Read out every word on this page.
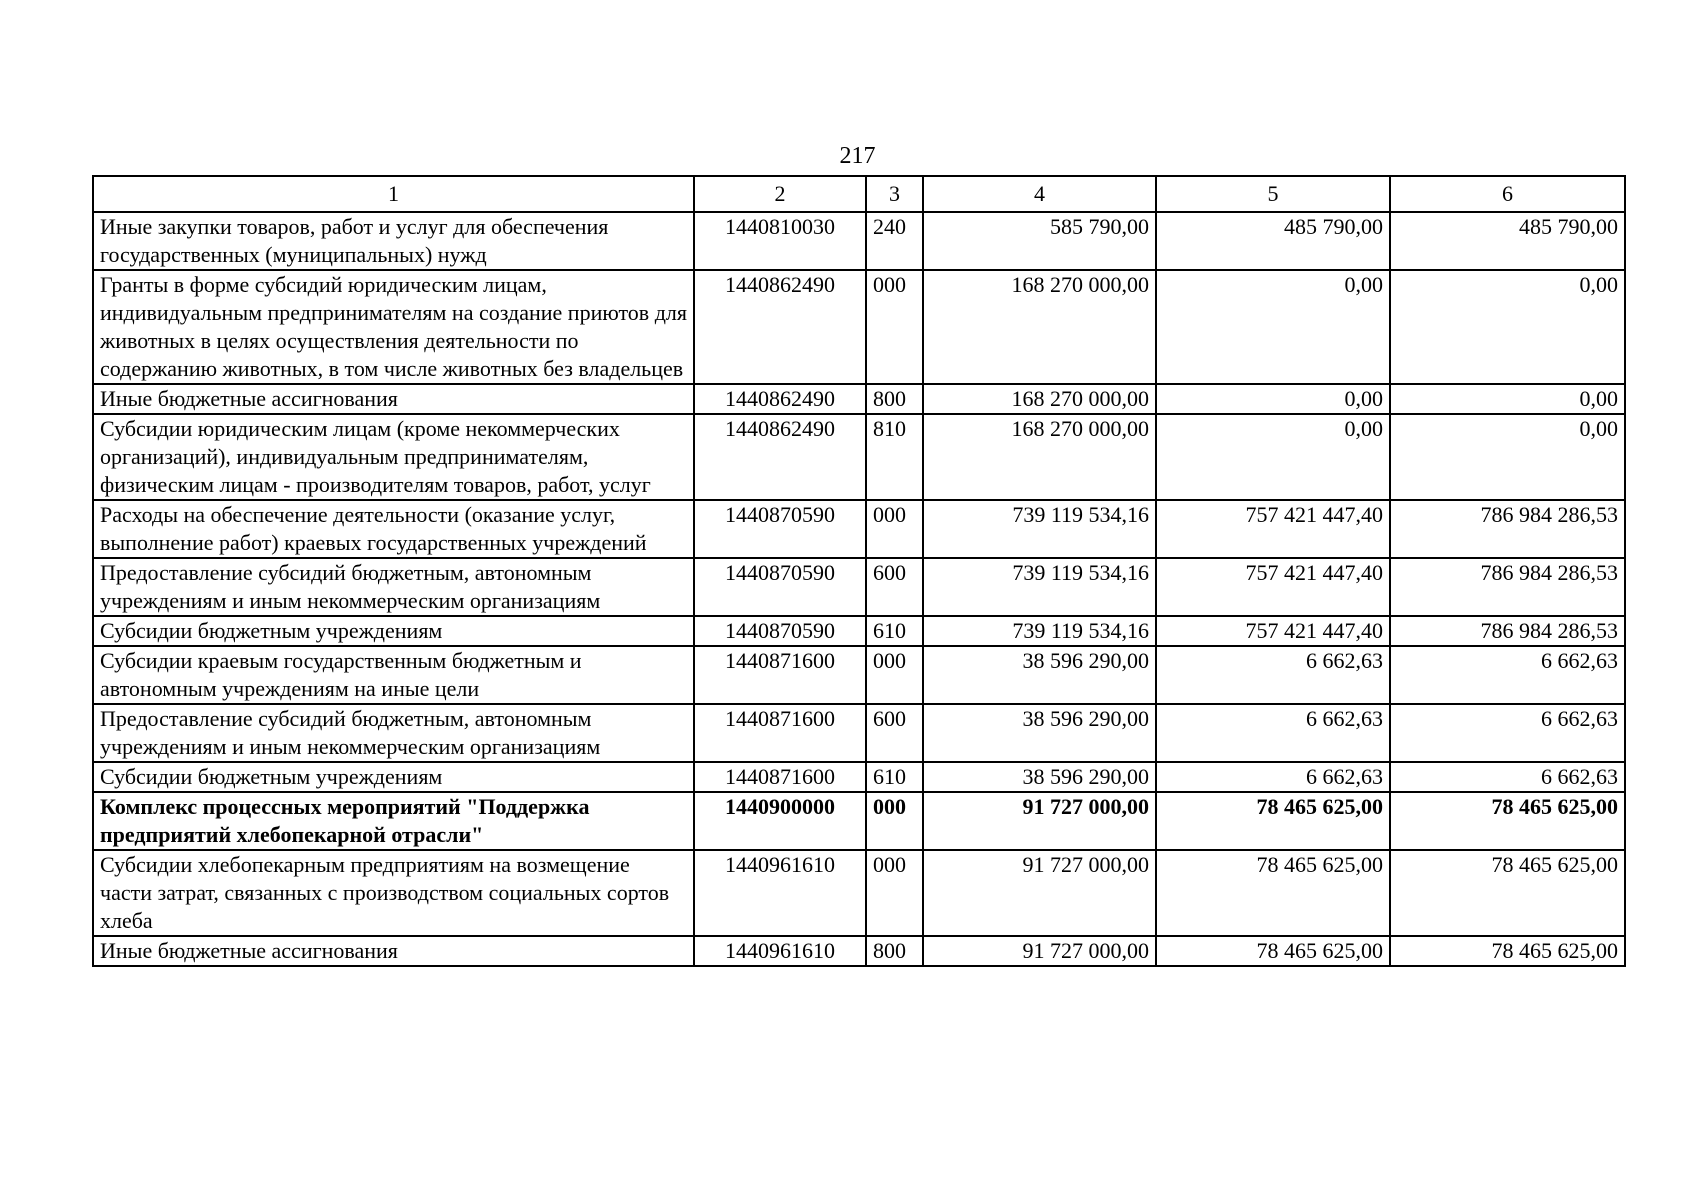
217
1	2	3	4	5	6
Иные закупки товаров, работ и услуг для обеспечения государственных (муниципальных) нужд	1440810030	240	585 790,00	485 790,00	485 790,00
Гранты в форме субсидий юридическим лицам, индивидуальным предпринимателям на создание приютов для животных в целях осуществления деятельности по содержанию животных, в том числе животных без владельцев	1440862490	000	168 270 000,00	0,00	0,00
Иные бюджетные ассигнования	1440862490	800	168 270 000,00	0,00	0,00
Субсидии юридическим лицам (кроме некоммерческих организаций), индивидуальным предпринимателям, физическим лицам - производителям товаров, работ, услуг	1440862490	810	168 270 000,00	0,00	0,00
Расходы на обеспечение деятельности (оказание услуг, выполнение работ) краевых государственных учреждений	1440870590	000	739 119 534,16	757 421 447,40	786 984 286,53
Предоставление субсидий бюджетным, автономным учреждениям и иным некоммерческим организациям	1440870590	600	739 119 534,16	757 421 447,40	786 984 286,53
Субсидии бюджетным учреждениям	1440870590	610	739 119 534,16	757 421 447,40	786 984 286,53
Субсидии краевым государственным бюджетным и автономным учреждениям на иные цели	1440871600	000	38 596 290,00	6 662,63	6 662,63
Предоставление субсидий бюджетным, автономным учреждениям и иным некоммерческим организациям	1440871600	600	38 596 290,00	6 662,63	6 662,63
Субсидии бюджетным учреждениям	1440871600	610	38 596 290,00	6 662,63	6 662,63
Комплекс процессных мероприятий "Поддержка предприятий хлебопекарной отрасли"	1440900000	000	91 727 000,00	78 465 625,00	78 465 625,00
Субсидии хлебопекарным предприятиям на возмещение части затрат, связанных с производством социальных сортов хлеба	1440961610	000	91 727 000,00	78 465 625,00	78 465 625,00
Иные бюджетные ассигнования	1440961610	800	91 727 000,00	78 465 625,00	78 465 625,00
